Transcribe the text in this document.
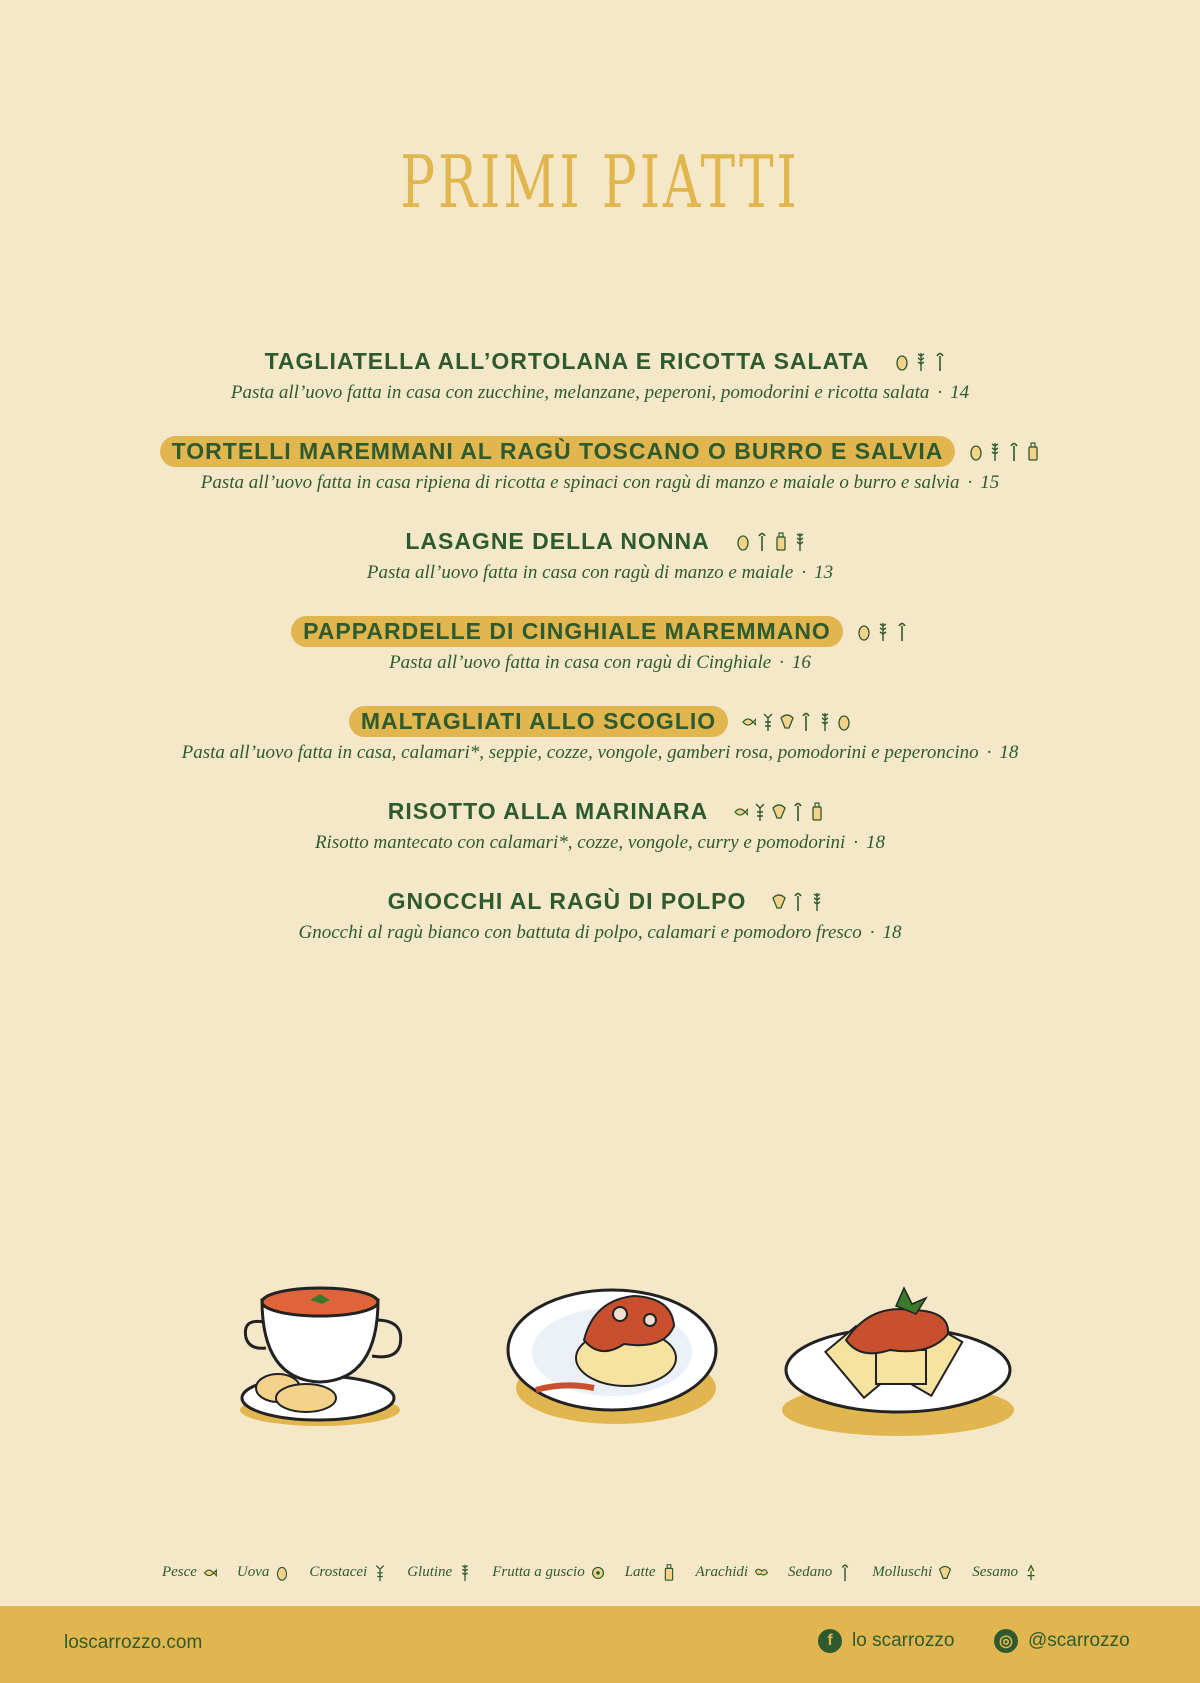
PRIMI PIATTI
TAGLIATELLA ALL’ORTOLANA E RICOTTA SALATA
Pasta all’uovo fatta in casa con zucchine, melanzane, peperoni, pomodorini e ricotta salata · 14
TORTELLI MAREMMANI AL RAGÙ TOSCANO O BURRO E SALVIA
Pasta all’uovo fatta in casa ripiena di ricotta e spinaci con ragù di manzo e maiale o burro e salvia · 15
LASAGNE DELLA NONNA
Pasta all’uovo fatta in casa con ragù di manzo e maiale · 13
PAPPARDELLE DI CINGHIALE MAREMMANO
Pasta all’uovo fatta in casa con ragù di Cinghiale · 16
MALTAGLIATI ALLO SCOGLIO
Pasta all’uovo fatta in casa, calamari*, seppie, cozze, vongole, gamberi rosa, pomodorini e peperoncino · 18
RISOTTO ALLA MARINARA
Risotto mantecato con calamari*, cozze, vongole, curry e pomodorini · 18
GNOCCHI AL RAGÙ DI POLPO
Gnocchi al ragù bianco con battuta di polpo, calamari e pomodoro fresco · 18
Pesce	Uova	Crostacei	Glutine	Frutta a guscio	Latte	Arachidi	Sedano	Molluschi	Sesamo
loscarrozzo.com	f	lo scarrozzo	◎ @scarrozzo
